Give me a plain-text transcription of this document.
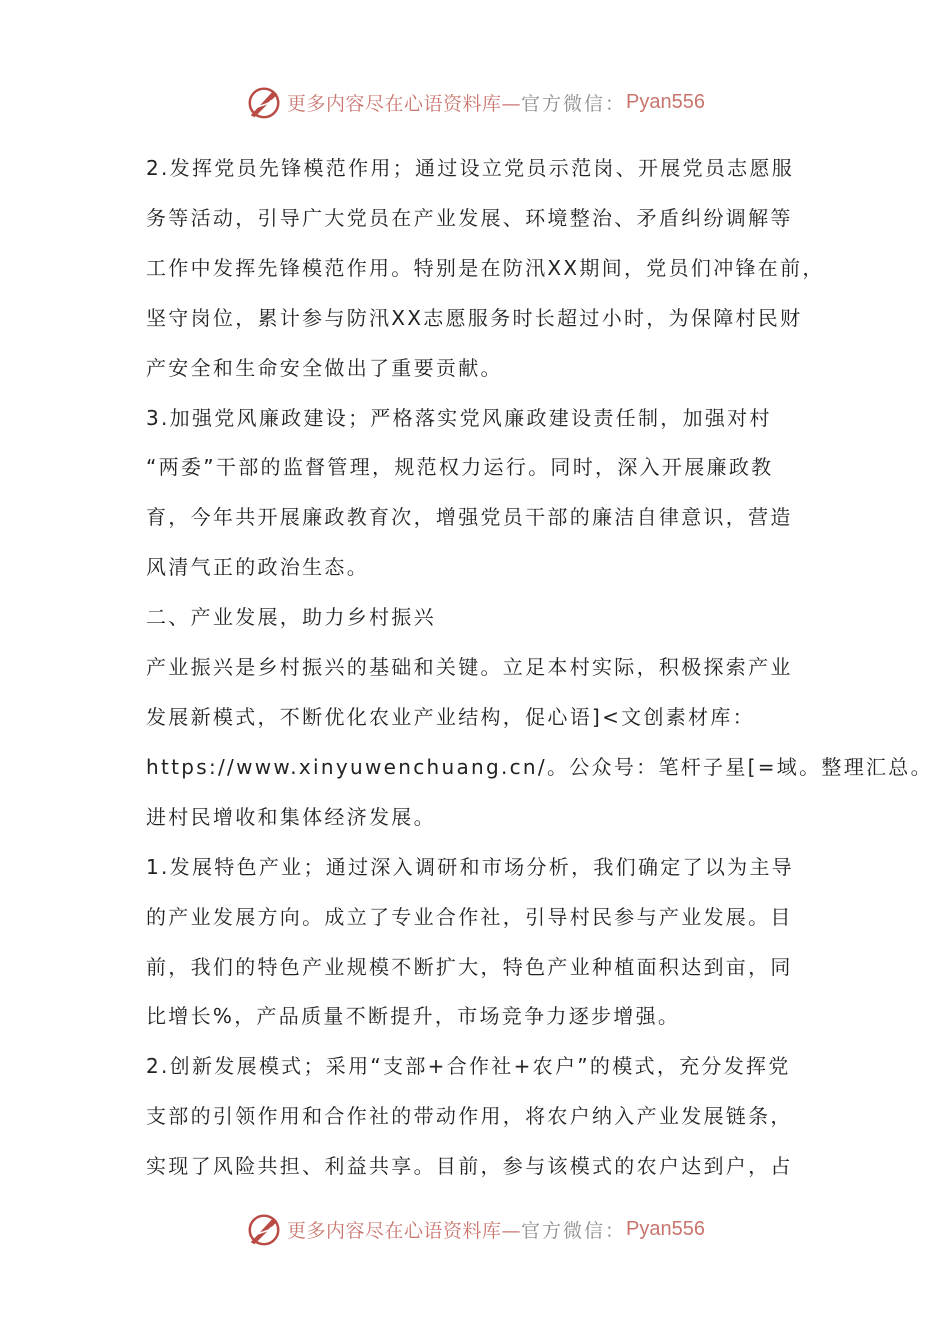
更多内容尽在心语资料库— 官方微信： Pyan556

2.发挥党员先锋模范作用；通过设立党员示范岗、开展党员志愿服

务等活动，引导广大党员在产业发展、环境整治、矛盾纠纷调解等

工作中发挥先锋模范作用。特别是在防汛XX期间，党员们冲锋在前，

坚守岗位，累计参与防汛XX志愿服务时长超过小时，为保障村民财

产安全和生命安全做出了重要贡献。

3.加强党风廉政建设；严格落实党风廉政建设责任制，加强对村

“两委”干部的监督管理，规范权力运行。同时，深入开展廉政教

育，今年共开展廉政教育次，增强党员干部的廉洁自律意识，营造

风清气正的政治生态。

二、产业发展，助力乡村振兴

产业振兴是乡村振兴的基础和关键。立足本村实际，积极探索产业

发展新模式，不断优化农业产业结构，促心语]<文创素材库：

https://www.xinyuwenchuang.cn/。公众号：笔杆子星[=域。整理汇总。

进村民增收和集体经济发展。

1.发展特色产业；通过深入调研和市场分析，我们确定了以为主导

的产业发展方向。成立了专业合作社，引导村民参与产业发展。目

前，我们的特色产业规模不断扩大，特色产业种植面积达到亩，同

比增长%，产品质量不断提升，市场竞争力逐步增强。

2.创新发展模式；采用“支部+合作社+农户”的模式，充分发挥党

支部的引领作用和合作社的带动作用，将农户纳入产业发展链条，

实现了风险共担、利益共享。目前，参与该模式的农户达到户，占

更多内容尽在心语资料库— 官方微信： Pyan556
